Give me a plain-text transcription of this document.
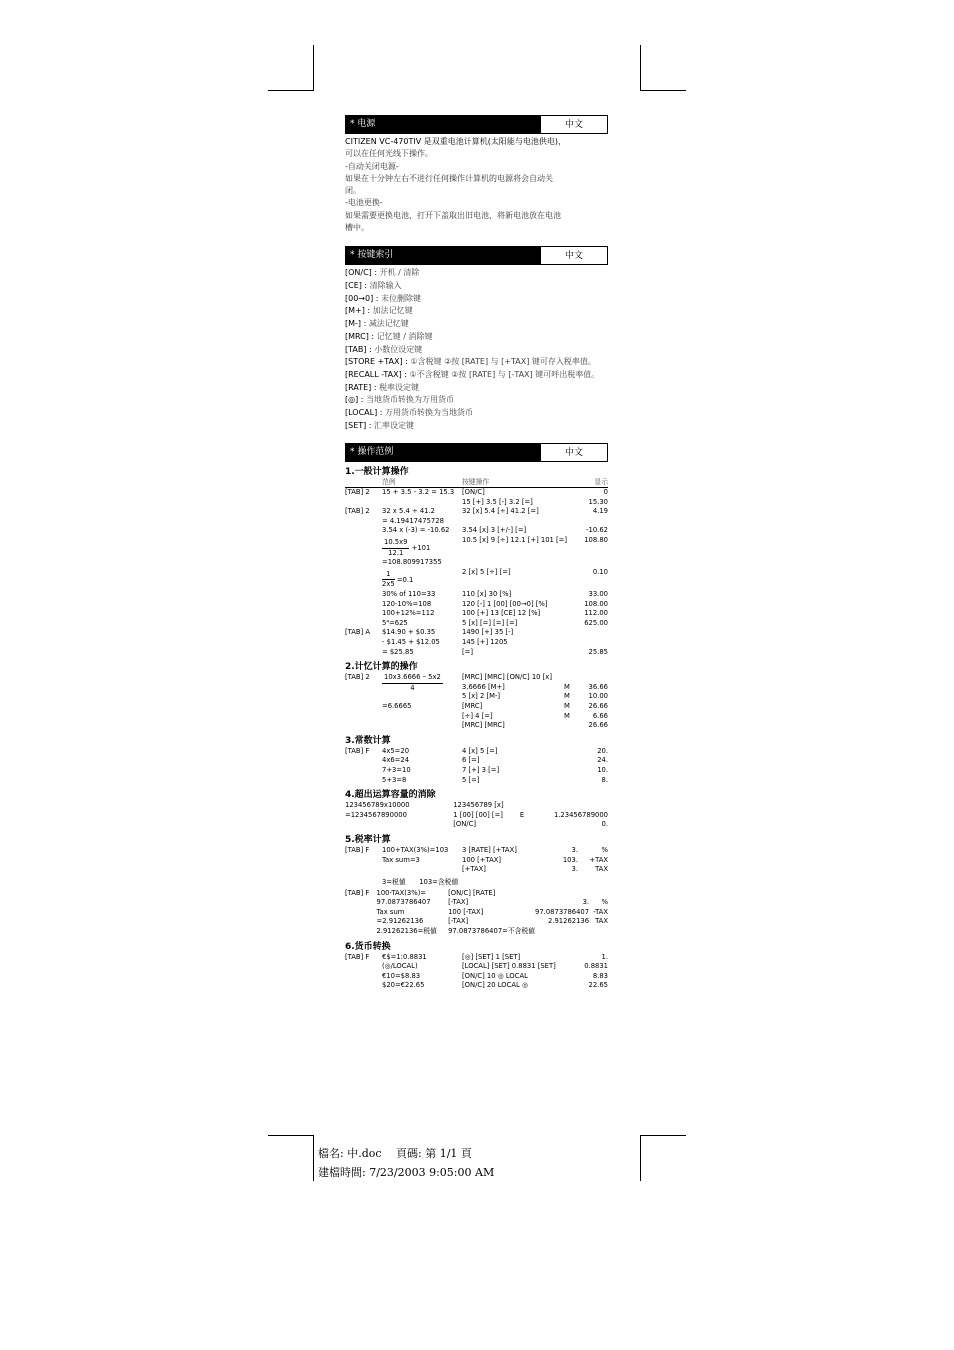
* 电源	中文
CITIZEN VC-470TIV 是双重电池计算机(太阳能与电池供电)，
可以在任何光线下操作。
-自动关闭电源-
如果在十分钟左右不进行任何操作计算机的电源将会自动关
闭。
-电池更换-
如果需要更换电池，打开下盖取出旧电池，将新电池放在电池
槽中。
* 按键索引	中文
[ON/C] : 开机 / 清除
[CE] : 清除输入
[00→0] : 末位删除键
[M+] : 加法记忆键
[M-] : 减法记忆键
[MRC] : 记忆键 / 消除键
[TAB] : 小数位设定键
[STORE +TAX] : ①含税键 ②按 [RATE] 与 [+TAX] 键可存入税率值。
[RECALL -TAX] : ①不含税键 ②按 [RATE] 与 [-TAX] 键可呼出税率值。
[RATE] : 税率设定键
[◎] : 当地货币转换为万用货币
[LOCAL] : 万用货币转换为当地货币
[SET] : 汇率设定键
* 操作范例	中文
1.一般计算操作
	范例	按键操作	显示
[TAB] 2	15 + 3.5 - 3.2 = 15.3	[ON/C]	0
		15 [+] 3.5 [-] 3.2 [=]	15.30
[TAB] 2	32 x 5.4 ÷ 41.2	32 [x] 5.4 [÷] 41.2 [=]	4.19
	= 4.19417475728		
	3.54 x (-3) = -10.62	3.54 [x] 3 [+/-] [=]	-10.62

	$\frac{10.5x9}{12.1} +101$	10.5 [x] 9 [÷] 12.1 [+] 101 [=]	108.80
	=108.809917355		

	$\frac{1}{2x5} =0.1$	2 [x] 5 [÷] [=]	0.10
	30% of 110=33	110 [x] 30 [%]	33.00
	120-10%=108	120 [-] 1 [00] [00→0] [%]	108.00
	100+12%=112	100 [+] 13 [CE] 12 [%]	112.00
	5⁴=625	5 [x] [=] [=] [=]	625.00
[TAB] A	$14.90 + $0.35	1490 [+] 35 [-]	
	- $1.45 + $12.05	145 [+] 1205	
	= $25.85	[=]	25.85
2.计忆计算的操作
[TAB] 2	$\frac{10x3.6666 - 5x2}{4}$	[MRC] [MRC] [ON/C] 10 [x]		
		3.6666 [M+]	M	36.66
		5 [x] 2 [M-]	M	10.00
	=6.6665	[MRC]	M	26.66
		[÷] 4 [=]	M	6.66
		[MRC] [MRC]		26.66
3.常数计算
[TAB] F	4x5=20	4 [x] 5 [=]	20.
	4x6=24	6 [=]	24.
	7+3=10	7 [+] 3 [=]	10.
	5+3=8	5 [=]	8.
4.超出运算容量的消除
123456789x10000	123456789 [x]		
=1234567890000	1 [00] [00] [=]	E	1.23456789000
	[ON/C]		0.
5.税率计算
[TAB] F	100+TAX(3%)=103	3 [RATE] [+TAX]	3.	%
	Tax sum=3	100 [+TAX]	103.	+TAX
		[+TAX]	3.	TAX
3=税値　　103=含税値
[TAB] F	100-TAX(3%)=	[ON/C] [RATE]		
	97.0873786407	[-TAX]	3.	%
	Tax sum	100 [-TAX]	97.0873786407	-TAX
	=2.91262136	[-TAX]	2.91262136	TAX
	2.91262136=税値	97.0873786407=不含税値		
6.货币转换
[TAB] F	€$=1:0.8831	[◎] [SET] 1 [SET]	1.
	(◎/LOCAL)	[LOCAL] [SET] 0.8831 [SET]	0.8831
	€10=$8.83	[ON/C] 10 ◎ LOCAL	8.83
	$20=€22.65	[ON/C] 20 LOCAL ◎	22.65
檔名: 中.doc　 頁碼: 第 1/1 頁
建檔時間: 7/23/2003 9:05:00 AM
